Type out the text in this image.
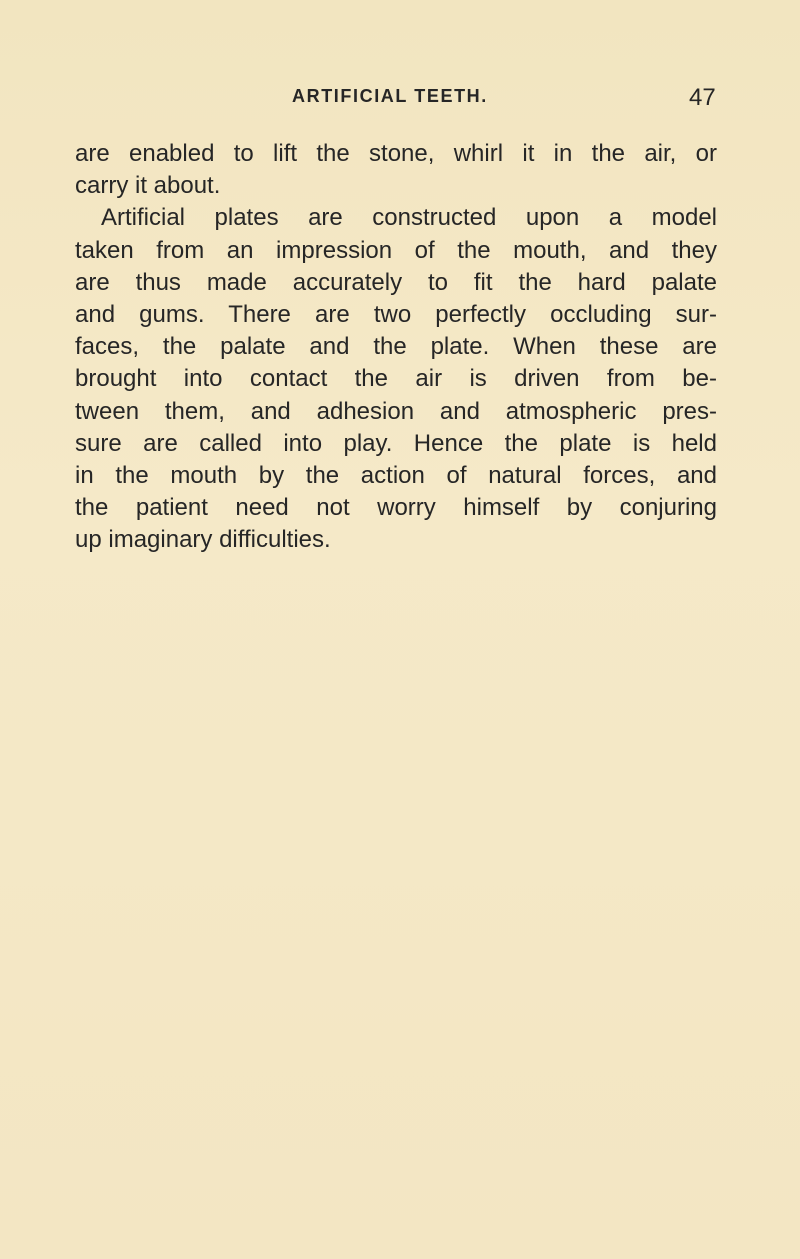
ARTIFICIAL TEETH.	47
are enabled to lift the stone, whirl it in the air, or
carry it about.
Artificial plates are constructed upon a model
taken from an impression of the mouth, and they
are thus made accurately to fit the hard palate
and gums. There are two perfectly occluding sur-
faces, the palate and the plate. When these are
brought into contact the air is driven from be-
tween them, and adhesion and atmospheric pres-
sure are called into play. Hence the plate is held
in the mouth by the action of natural forces, and
the patient need not worry himself by conjuring
up imaginary difficulties.
